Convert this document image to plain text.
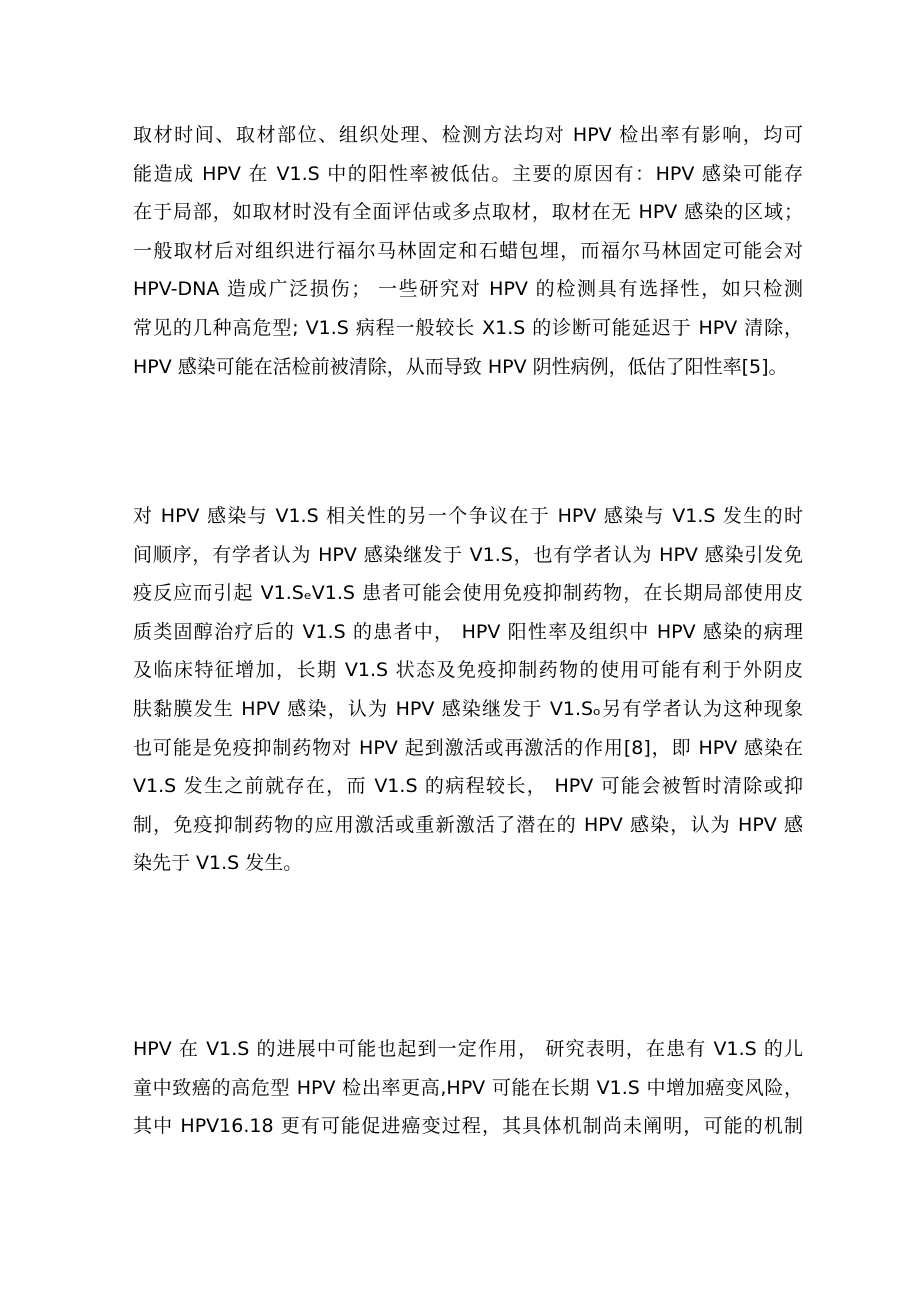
取材时间、取材部位、组织处理、检测方法均对 HPV 检出率有影响，均可
能造成 HPV 在 V1.S 中的阳性率被低估。主要的原因有：HPV 感染可能存
在于局部，如取材时没有全面评估或多点取材，取材在无 HPV 感染的区域；
一般取材后对组织进行福尔马林固定和石蜡包埋，而福尔马林固定可能会对
HPV-DNA 造成广泛损伤； 一些研究对 HPV 的检测具有选择性，如只检测
常见的几种高危型; V1.S 病程一般较长 X1.S 的诊断可能延迟于 HPV 清除，
HPV 感染可能在活检前被清除，从而导致 HPV 阴性病例，低估了阳性率[5]。
对 HPV 感染与 V1.S 相关性的另一个争议在于 HPV 感染与 V1.S 发生的时
间顺序，有学者认为 HPV 感染继发于 V1.S，也有学者认为 HPV 感染引发免
疫反应而引起 V1.SₑV1.S 患者可能会使用免疫抑制药物，在长期局部使用皮
质类固醇治疗后的 V1.S 的患者中， HPV 阳性率及组织中 HPV 感染的病理
及临床特征增加，长期 V1.S 状态及免疫抑制药物的使用可能有利于外阴皮
肤黏膜发生 HPV 感染，认为 HPV 感染继发于 V1.Sₒ另有学者认为这种现象
也可能是免疫抑制药物对 HPV 起到激活或再激活的作用[8]，即 HPV 感染在
V1.S 发生之前就存在，而 V1.S 的病程较长， HPV 可能会被暂时清除或抑
制，免疫抑制药物的应用激活或重新激活了潜在的 HPV 感染，认为 HPV 感
染先于 V1.S 发生。
HPV 在 V1.S 的进展中可能也起到一定作用， 研究表明，在患有 V1.S 的儿
童中致癌的高危型 HPV 检出率更高,HPV 可能在长期 V1.S 中增加癌变风险，
其中 HPV16.18 更有可能促进癌变过程，其具体机制尚未阐明，可能的机制
